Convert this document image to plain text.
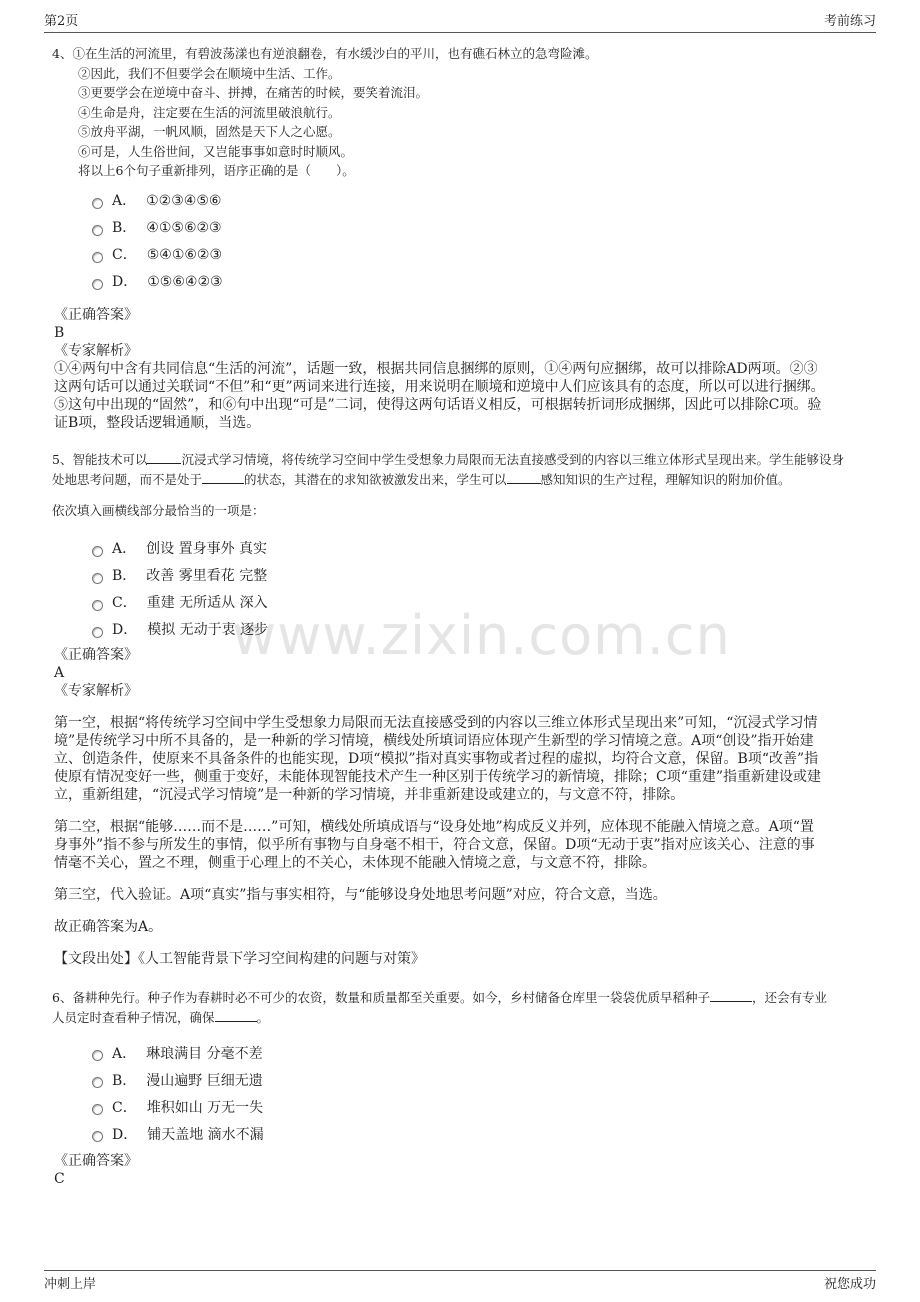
第2页	考前练习
www.zixin.com.cn
4、①在生活的河流里，有碧波荡漾也有逆浪翻卷，有水缓沙白的平川，也有礁石林立的急弯险滩。
②因此，我们不但要学会在顺境中生活、工作。
③更要学会在逆境中奋斗、拼搏，在痛苦的时候，要笑着流泪。
④生命是舟，注定要在生活的河流里破浪航行。
⑤放舟平湖，一帆风顺，固然是天下人之心愿。
⑥可是，人生俗世间，又岂能事事如意时时顺风。
将以上6个句子重新排列，语序正确的是（　　）。
A． ①②③④⑤⑥
B． ④①⑤⑥②③
C． ⑤④①⑥②③
D． ①⑤⑥④②③
《正确答案》
B
《专家解析》
①④两句中含有共同信息“生活的河流”，话题一致，根据共同信息捆绑的原则，①④两句应捆绑，故可以排除AD两项。②③
这两句话可以通过关联词“不但”和“更”两词来进行连接，用来说明在顺境和逆境中人们应该具有的态度，所以可以进行捆绑。
⑤这句中出现的“固然”，和⑥句中出现“可是”二词，使得这两句话语义相反，可根据转折词形成捆绑，因此可以排除C项。验
证B项，整段话逻辑通顺，当选。
5、智能技术可以	沉浸式学习情境，将传统学习空间中学生受想象力局限而无法直接感受到的内容以三维立体形式呈现出来。学生能够设身
处地思考问题，而不是处于	的状态，其潜在的求知欲被激发出来，学生可以	感知知识的生产过程，理解知识的附加价值。
依次填入画横线部分最恰当的一项是：
A． 创设 置身事外 真实
B． 改善 雾里看花 完整
C． 重建 无所适从 深入
D． 模拟 无动于衷 逐步
《正确答案》
A
《专家解析》
第一空，根据“将传统学习空间中学生受想象力局限而无法直接感受到的内容以三维立体形式呈现出来”可知，“沉浸式学习情
境”是传统学习中所不具备的，是一种新的学习情境，横线处所填词语应体现产生新型的学习情境之意。A项“创设”指开始建
立、创造条件，使原来不具备条件的也能实现，D项“模拟”指对真实事物或者过程的虚拟，均符合文意，保留。B项“改善”指
使原有情况变好一些，侧重于变好，未能体现智能技术产生一种区别于传统学习的新情境，排除；C项“重建”指重新建设或建
立，重新组建，“沉浸式学习情境”是一种新的学习情境，并非重新建设或建立的，与文意不符，排除。
第二空，根据“能够……而不是……”可知，横线处所填成语与“设身处地”构成反义并列，应体现不能融入情境之意。A项“置
身事外”指不参与所发生的事情，似乎所有事物与自身毫不相干，符合文意，保留。D项“无动于衷”指对应该关心、注意的事
情毫不关心，置之不理，侧重于心理上的不关心，未体现不能融入情境之意，与文意不符，排除。
第三空，代入验证。A项“真实”指与事实相符，与“能够设身处地思考问题”对应，符合文意，当选。
故正确答案为A。
【文段出处】《人工智能背景下学习空间构建的问题与对策》
6、备耕种先行。种子作为春耕时必不可少的农资，数量和质量都至关重要。如今，乡村储备仓库里一袋袋优质早稻种子	，还会有专业
人员定时查看种子情况，确保	。
A． 琳琅满目 分毫不差
B． 漫山遍野 巨细无遗
C． 堆积如山 万无一失
D． 铺天盖地 滴水不漏
《正确答案》
C
冲刺上岸	祝您成功
